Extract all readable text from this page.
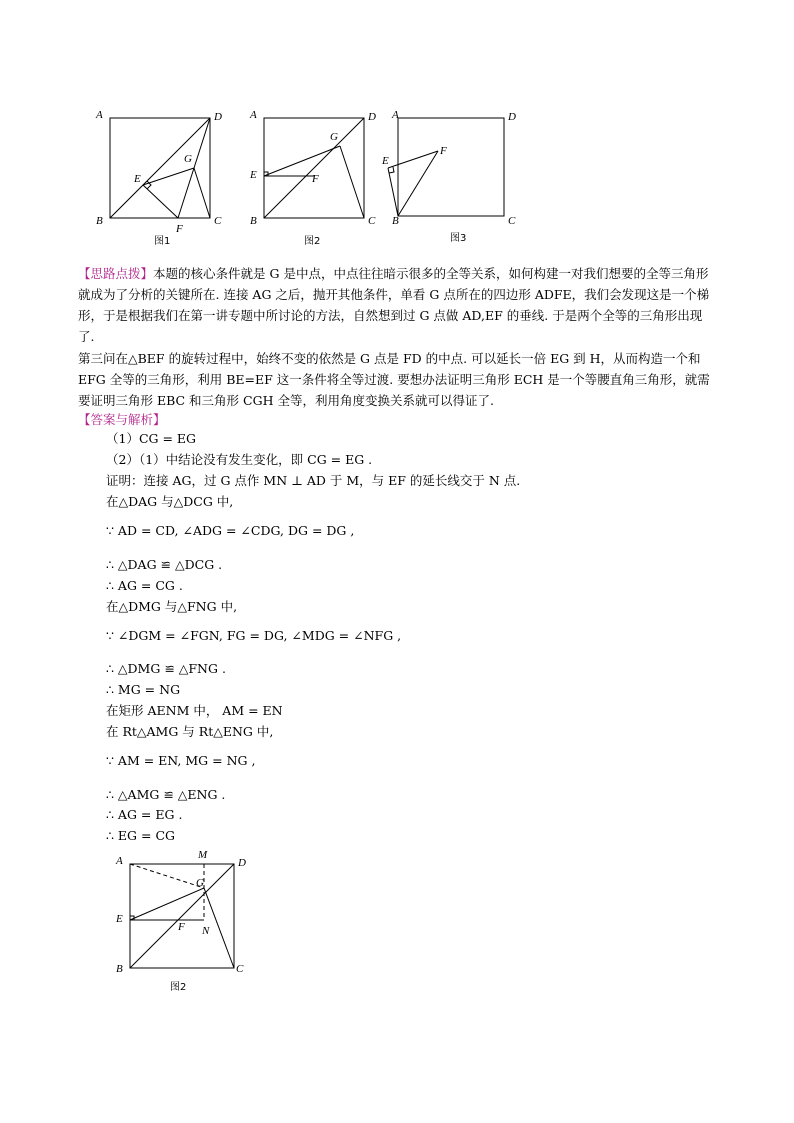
A	D
B	C
E
F
G
图1
A	D
B	C
E	F
G
图2
A	D
B	C
E
F
图3
【思路点拨】本题的核心条件就是 G 是中点，中点往往暗示很多的全等关系，如何构建一对我们想要的全等三角形就成为了分析的关键所在. 连接 AG 之后，抛开其他条件，单看 G 点所在的四边形 ADFE，我们会发现这是一个梯形，于是根据我们在第一讲专题中所讨论的方法，自然想到过 G 点做 AD,EF 的垂线. 于是两个全等的三角形出现了.
第三问在△BEF 的旋转过程中，始终不变的依然是 G 点是 FD 的中点. 可以延长一倍 EG 到 H，从而构造一个和 EFG 全等的三角形，利用 BE=EF 这一条件将全等过渡. 要想办法证明三角形 ECH 是一个等腰直角三角形，就需要证明三角形 EBC 和三角形 CGH 全等，利用角度变换关系就可以得证了.
【答案与解析】
（1）CG = EG
（2）（1）中结论没有发生变化，即 CG = EG .
证明：连接 AG，过 G 点作 MN ⊥ AD 于 M，与 EF 的延长线交于 N 点.
在△DAG 与△DCG 中,
∵ AD = CD, ∠ADG = ∠CDG, DG = DG ,
∴ △DAG ≌ △DCG .
∴ AG = CG .
在△DMG 与△FNG 中,
∵ ∠DGM = ∠FGN, FG = DG, ∠MDG = ∠NFG ,
∴ △DMG ≌ △FNG .
∴ MG = NG
在矩形 AENM 中， AM = EN
在 Rt△AMG 与 Rt△ENG 中,
∵ AM = EN, MG = NG ,
∴ △AMG ≌ △ENG .
∴ AG = EG .
∴ EG = CG
A	M
D
G
E
F N
B	C
图2
